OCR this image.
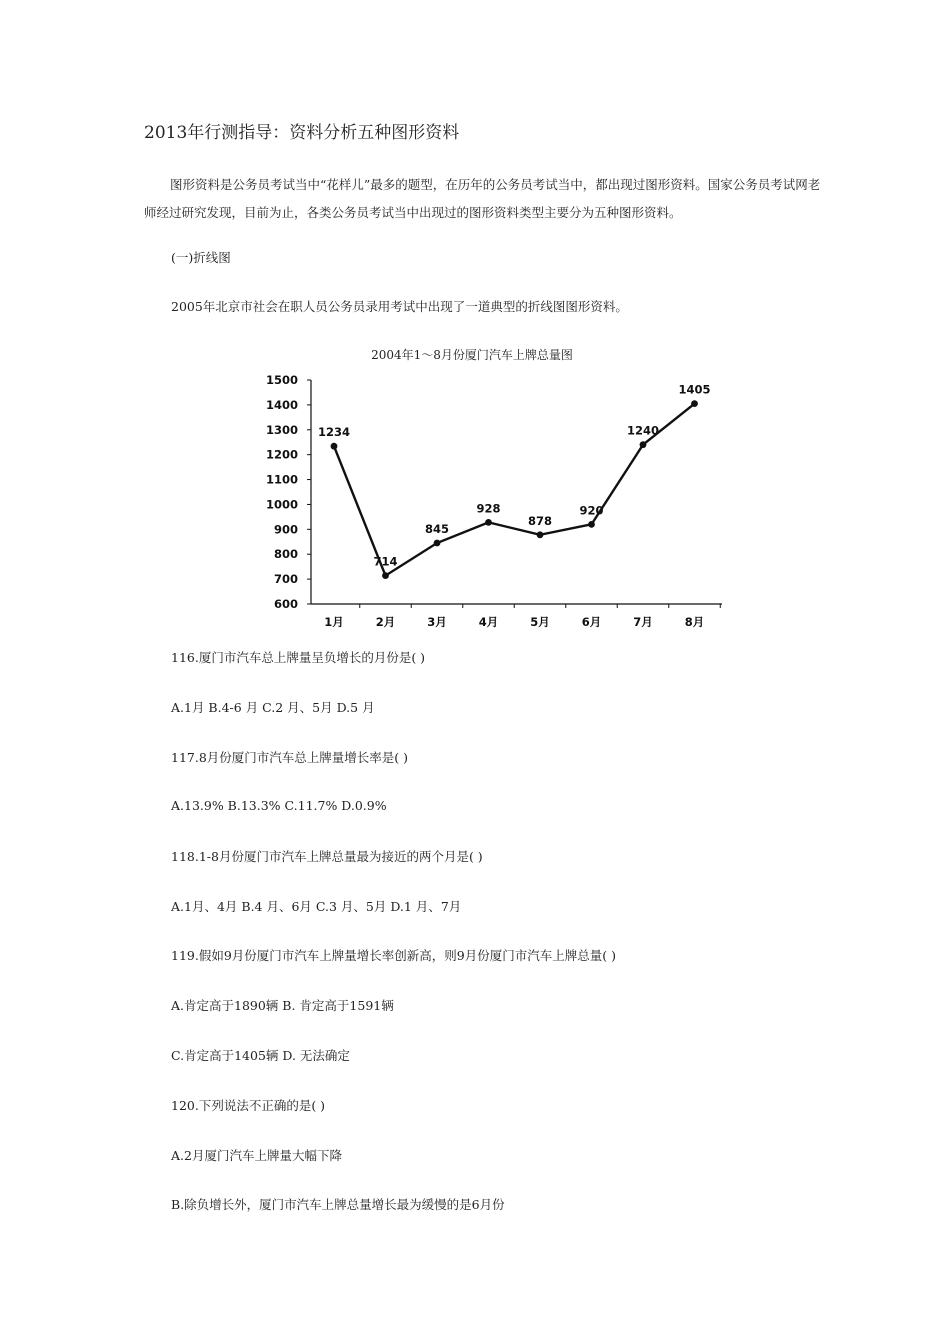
2013年行测指导：资料分析五种图形资料
图形资料是公务员考试当中“花样儿”最多的题型，在历年的公务员考试当中，都出现过图形资料。国家公务员考试网老师经过研究发现，目前为止，各类公务员考试当中出现过的图形资料类型主要分为五种图形资料。
(一)折线图
2005年北京市社会在职人员公务员录用考试中出现了一道典型的折线图图形资料。
2004年1～8月份厦门汽车上牌总量图
600
700
800
900
1000
1100
1200
1300
1400
1500
1月	2月	3月	4月	5月	6月	7月	8月
1234
714
845
928
878
920
1240
1405
116.厦门市汽车总上牌量呈负增长的月份是( )
A.1月 B.4-6 月 C.2 月、5月 D.5 月
117.8月份厦门市汽车总上牌量增长率是( )
A.13.9% B.13.3% C.11.7% D.0.9%
118.1-8月份厦门市汽车上牌总量最为接近的两个月是( )
A.1月、4月 B.4 月、6月 C.3 月、5月 D.1 月、7月
119.假如9月份厦门市汽车上牌量增长率创新高，则9月份厦门市汽车上牌总量( )
A.肯定高于1890辆 B. 肯定高于1591辆
C.肯定高于1405辆 D. 无法确定
120.下列说法不正确的是( )
A.2月厦门汽车上牌量大幅下降
B.除负增长外，厦门市汽车上牌总量增长最为缓慢的是6月份
